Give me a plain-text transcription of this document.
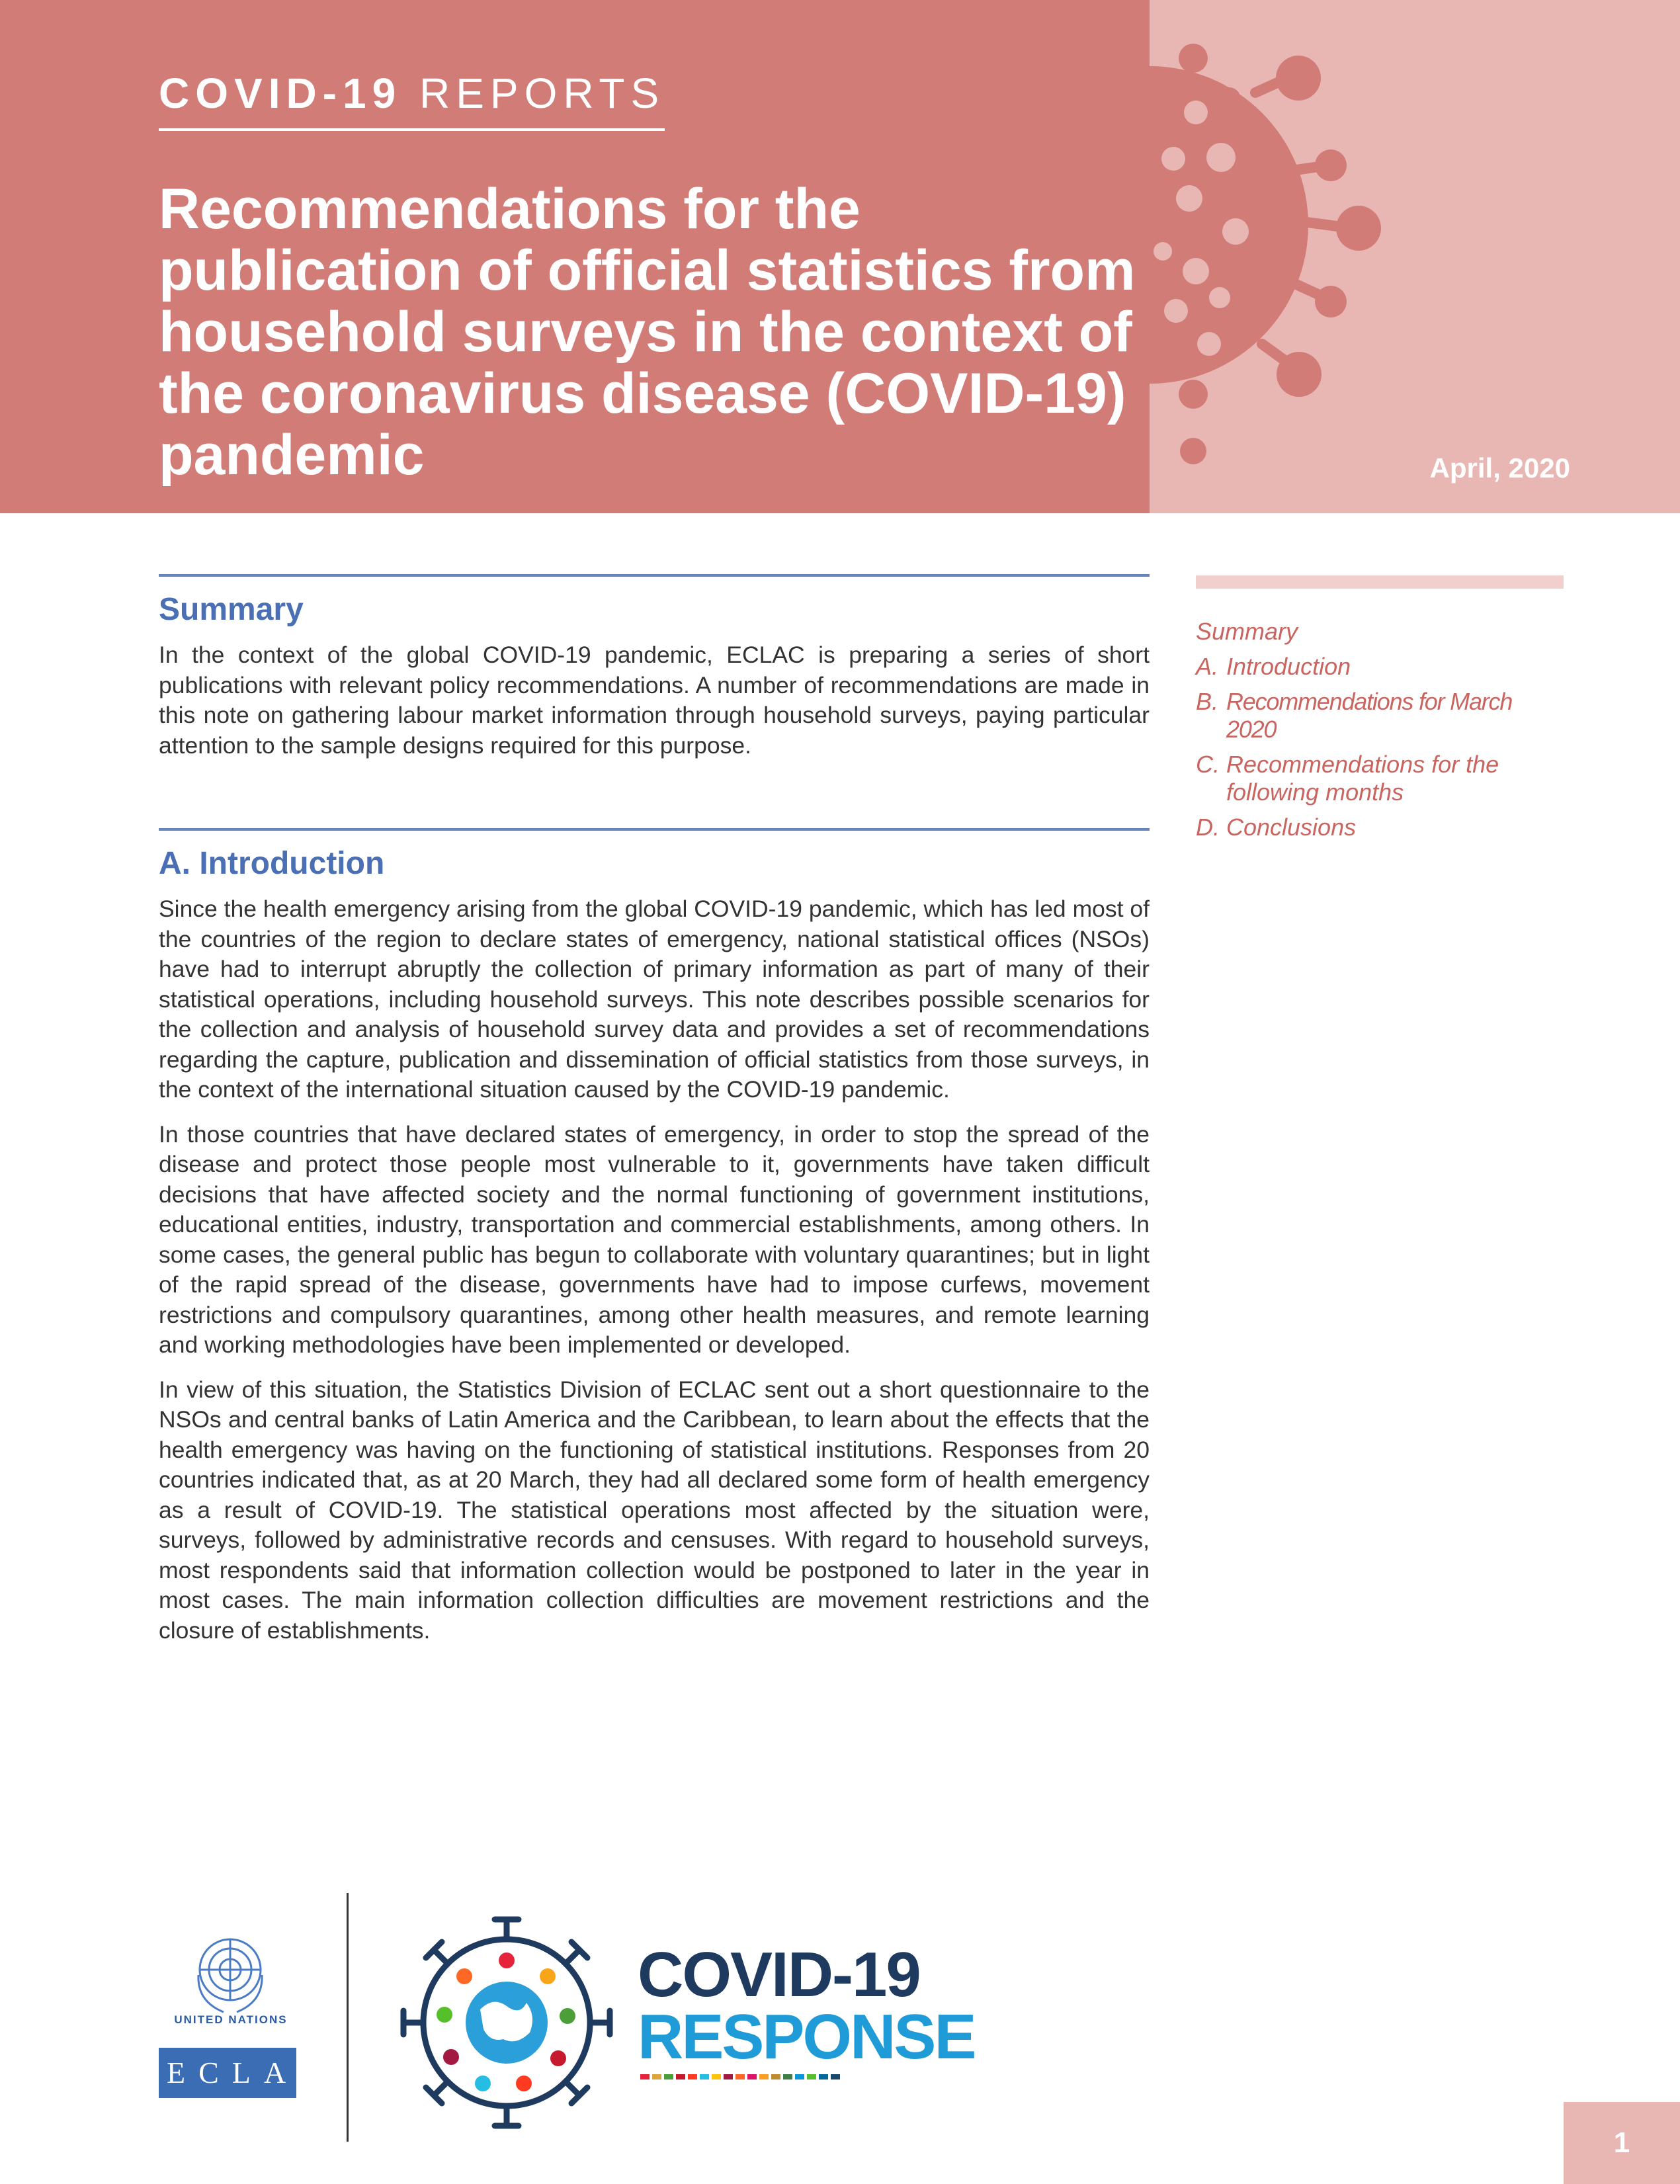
COVID-19 REPORTS
Recommendations for the publication of official statistics from household surveys in the context of the coronavirus disease (COVID-19) pandemic	April, 2020
Summary

In the context of the global COVID-19 pandemic, ECLAC is preparing a series of short publications with relevant policy recommendations. A number of recommendations are made in this note on gathering labour market information through household surveys, paying particular attention to the sample designs required for this purpose.

A. Introduction

Since the health emergency arising from the global COVID-19 pandemic, which has led most of the countries of the region to declare states of emergency, national statistical offices (NSOs) have had to interrupt abruptly the collection of primary information as part of many of their statistical operations, including household surveys. This note describes possible scenarios for the collection and analysis of household survey data and provides a set of recommendations regarding the capture, publication and dissemination of official statistics from those surveys, in the context of the international situation caused by the COVID-19 pandemic.

In those countries that have declared states of emergency, in order to stop the spread of the disease and protect those people most vulnerable to it, governments have taken difficult decisions that have affected society and the normal functioning of government institutions, educational entities, industry, transportation and commercial establishments, among others. In some cases, the general public has begun to collaborate with voluntary quarantines; but in light of the rapid spread of the disease, governments have had to impose curfews, movement restrictions and compulsory quarantines, among other health measures, and remote learning and working methodologies have been implemented or developed.

In view of this situation, the Statistics Division of ECLAC sent out a short questionnaire to the NSOs and central banks of Latin America and the Caribbean, to learn about the effects that the health emergency was having on the functioning of statistical institutions. Responses from 20 countries indicated that, as at 20 March, they had all declared some form of health emergency as a result of COVID-19. The statistical operations most affected by the situation were, surveys, followed by administrative records and censuses. With regard to household surveys, most respondents said that information collection would be postponed to later in the year in most cases. The main information collection difficulties are movement restrictions and the closure of establishments.

Summary
A. Introduction
B. Recommendations for March 2020
C. Recommendations for the following months
D. Conclusions
UNITED NATIONS
ECLAC
COVID-19
RESPONSE
1
